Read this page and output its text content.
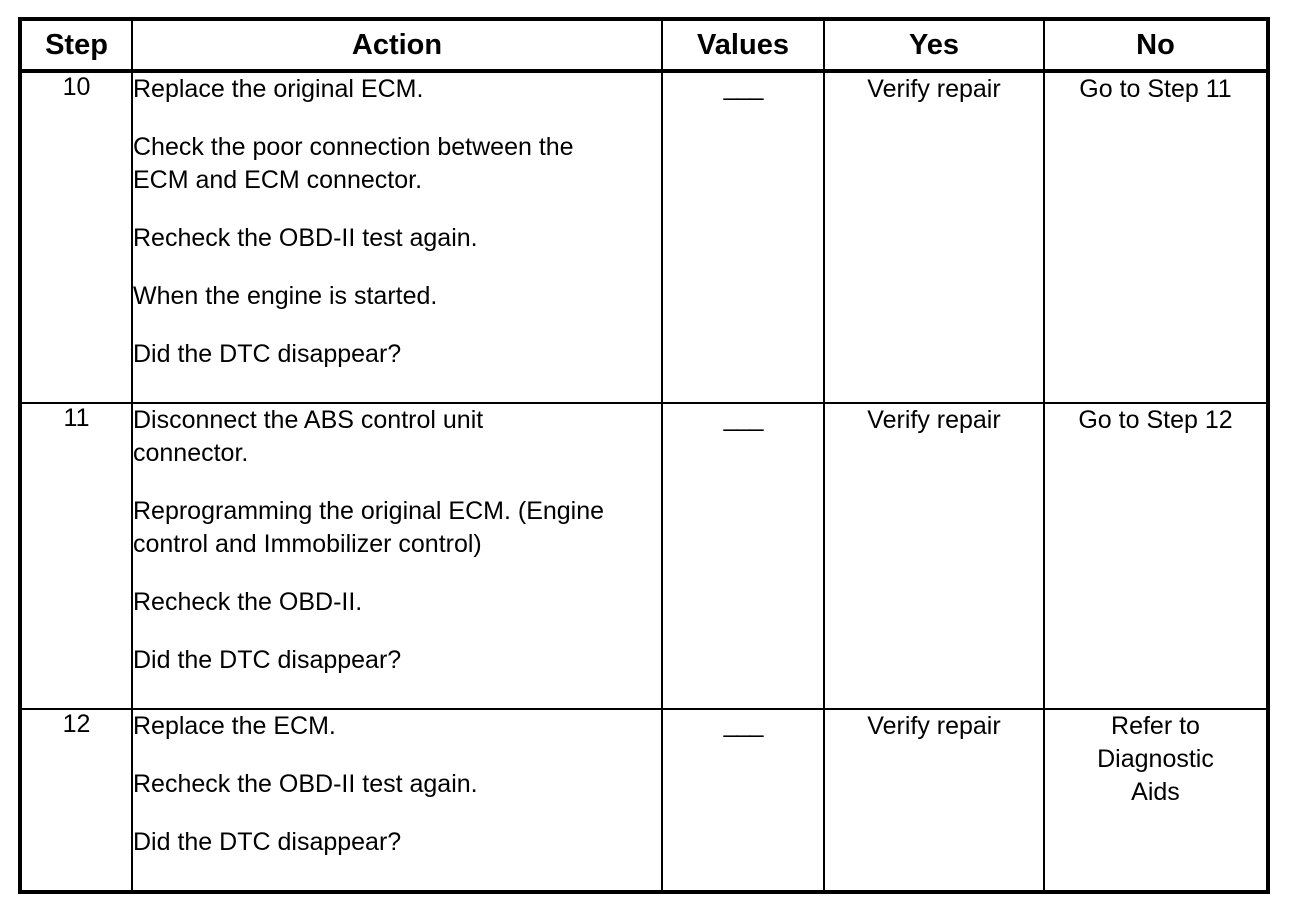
Step	Action	Values	Yes	No
10	Replace the original ECM.
Check the poor connection between the ECM and ECM connector.
Recheck the OBD-II test again.
When the engine is started.
Did the DTC disappear?	___	Verify repair	Go to Step 11
11	Disconnect the ABS control unit connector.
Reprogramming the original ECM. (Engine control and Immobilizer control)
Recheck the OBD-II.
Did the DTC disappear?	___	Verify repair	Go to Step 12
12	Replace the ECM.
Recheck the OBD-II test again.
Did the DTC disappear?	___	Verify repair	Refer to Diagnostic Aids
